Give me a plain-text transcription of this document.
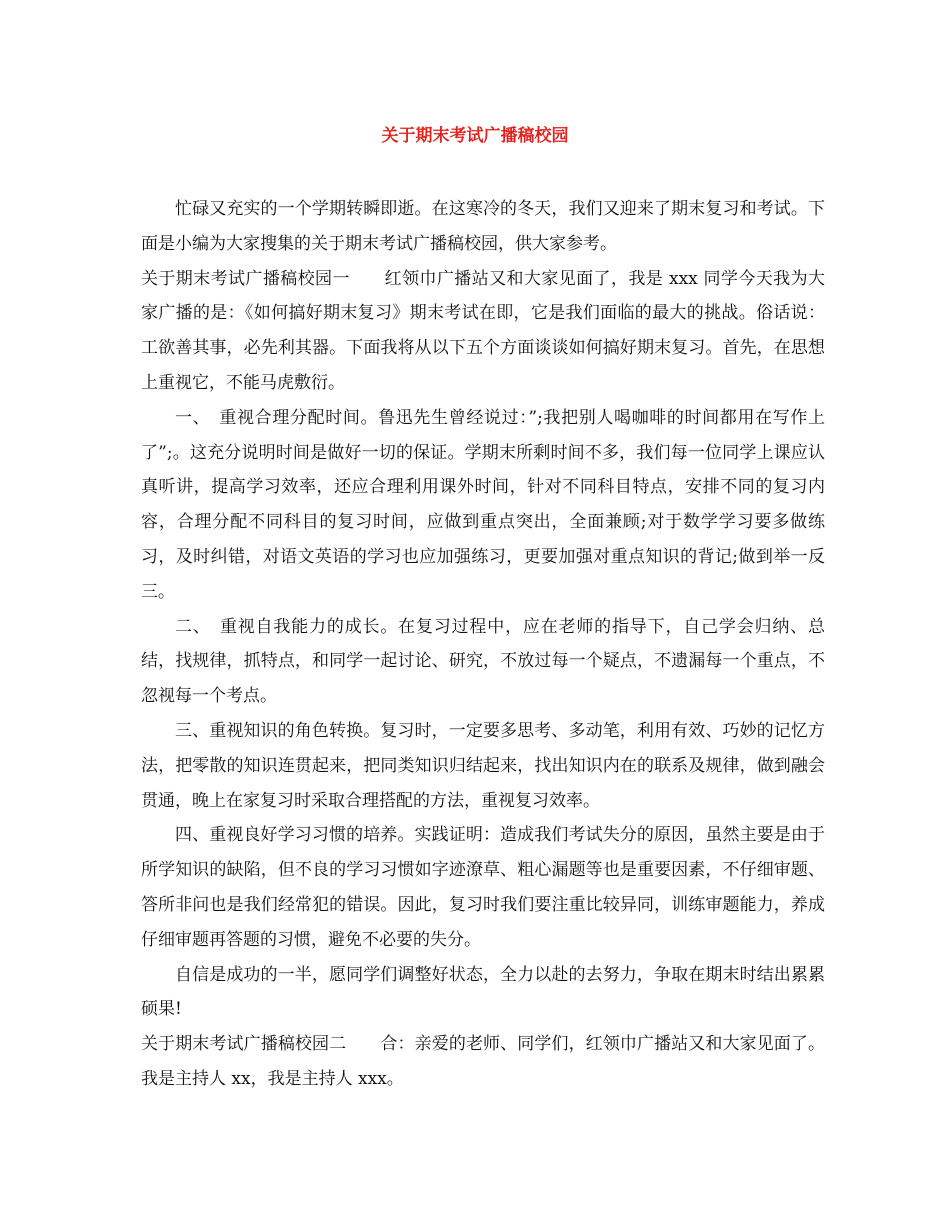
关于期末考试广播稿校园

忙碌又充实的一个学期转瞬即逝。在这寒冷的冬天，我们又迎来了期末复习和考试。下面是小编为大家搜集的关于期末考试广播稿校园，供大家参考。

关于期末考试广播稿校园一　　红领巾广播站又和大家见面了，我是 xxx 同学今天我为大家广播的是：《如何搞好期末复习》期末考试在即，它是我们面临的最大的挑战。俗话说：工欲善其事，必先利其器。下面我将从以下五个方面谈谈如何搞好期末复习。首先，在思想上重视它，不能马虎敷衍。

一、　重视合理分配时间。鲁迅先生曾经说过：”;我把别人喝咖啡的时间都用在写作上了”;。这充分说明时间是做好一切的保证。学期末所剩时间不多，我们每一位同学上课应认真听讲，提高学习效率，还应合理利用课外时间，针对不同科目特点，安排不同的复习内容，合理分配不同科目的复习时间，应做到重点突出，全面兼顾;对于数学学习要多做练习，及时纠错，对语文英语的学习也应加强练习，更要加强对重点知识的背记;做到举一反三。

二、　重视自我能力的成长。在复习过程中，应在老师的指导下，自己学会归纳、总结，找规律，抓特点，和同学一起讨论、研究，不放过每一个疑点，不遗漏每一个重点，不忽视每一个考点。

三、重视知识的角色转换。复习时，一定要多思考、多动笔，利用有效、巧妙的记忆方法，把零散的知识连贯起来，把同类知识归结起来，找出知识内在的联系及规律，做到融会贯通，晚上在家复习时采取合理搭配的方法，重视复习效率。

四、重视良好学习习惯的培养。实践证明：造成我们考试失分的原因，虽然主要是由于所学知识的缺陷，但不良的学习习惯如字迹潦草、粗心漏题等也是重要因素，不仔细审题、答所非问也是我们经常犯的错误。因此，复习时我们要注重比较异同，训练审题能力，养成仔细审题再答题的习惯，避免不必要的失分。

自信是成功的一半，愿同学们调整好状态，全力以赴的去努力，争取在期末时结出累累硕果!

关于期末考试广播稿校园二　　合：亲爱的老师、同学们，红领巾广播站又和大家见面了。我是主持人 xx，我是主持人 xxx。
